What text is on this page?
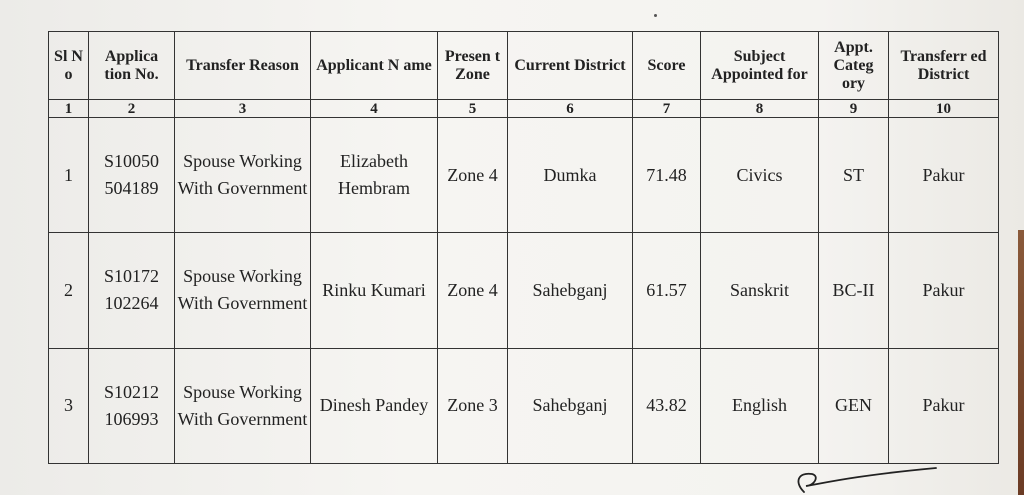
Sl N o	Applica tion No.	Transfer Reason	Applicant N ame	Presen t Zone	Current District	Score	Subject Appointed for	Appt. Categ ory	Transferr ed District
1	2	3	4	5	6	7	8	9	10
1	S10050 504189	Spouse Working With Government	Elizabeth Hembram	Zone 4	Dumka	71.48	Civics	ST	Pakur
2	S10172 102264	Spouse Working With Government	Rinku Kumari	Zone 4	Sahebganj	61.57	Sanskrit	BC-II	Pakur
3	S10212 106993	Spouse Working With Government	Dinesh Pandey	Zone 3	Sahebganj	43.82	English	GEN	Pakur
